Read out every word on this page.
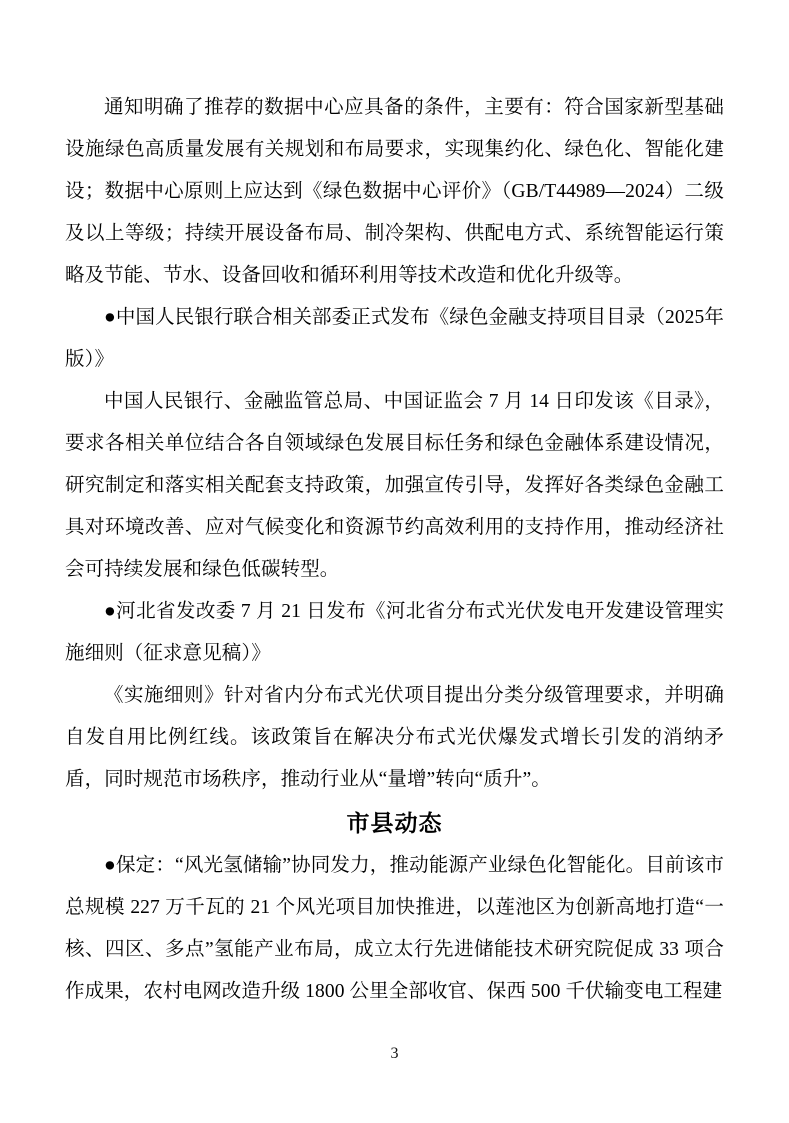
通知明确了推荐的数据中心应具备的条件，主要有：符合国家新型基础设施绿色高质量发展有关规划和布局要求，实现集约化、绿色化、智能化建设；数据中心原则上应达到《绿色数据中心评价》（GB/T44989—2024）二级及以上等级；持续开展设备布局、制冷架构、供配电方式、系统智能运行策略及节能、节水、设备回收和循环利用等技术改造和优化升级等。

●中国人民银行联合相关部委正式发布《绿色金融支持项目目录（2025年版）》

中国人民银行、金融监管总局、中国证监会 7 月 14 日印发该《目录》，要求各相关单位结合各自领域绿色发展目标任务和绿色金融体系建设情况，研究制定和落实相关配套支持政策，加强宣传引导，发挥好各类绿色金融工具对环境改善、应对气候变化和资源节约高效利用的支持作用，推动经济社会可持续发展和绿色低碳转型。

●河北省发改委 7 月 21 日发布《河北省分布式光伏发电开发建设管理实施细则（征求意见稿）》

《实施细则》针对省内分布式光伏项目提出分类分级管理要求，并明确自发自用比例红线。该政策旨在解决分布式光伏爆发式增长引发的消纳矛盾，同时规范市场秩序，推动行业从“量增”转向“质升”。

市县动态

●保定：“风光氢储输”协同发力，推动能源产业绿色化智能化。目前该市总规模 227 万千瓦的 21 个风光项目加快推进，以莲池区为创新高地打造“一核、四区、多点”氢能产业布局，成立太行先进储能技术研究院促成 33 项合作成果，农村电网改造升级 1800 公里全部收官、保西 500 千伏输变电工程建

3
